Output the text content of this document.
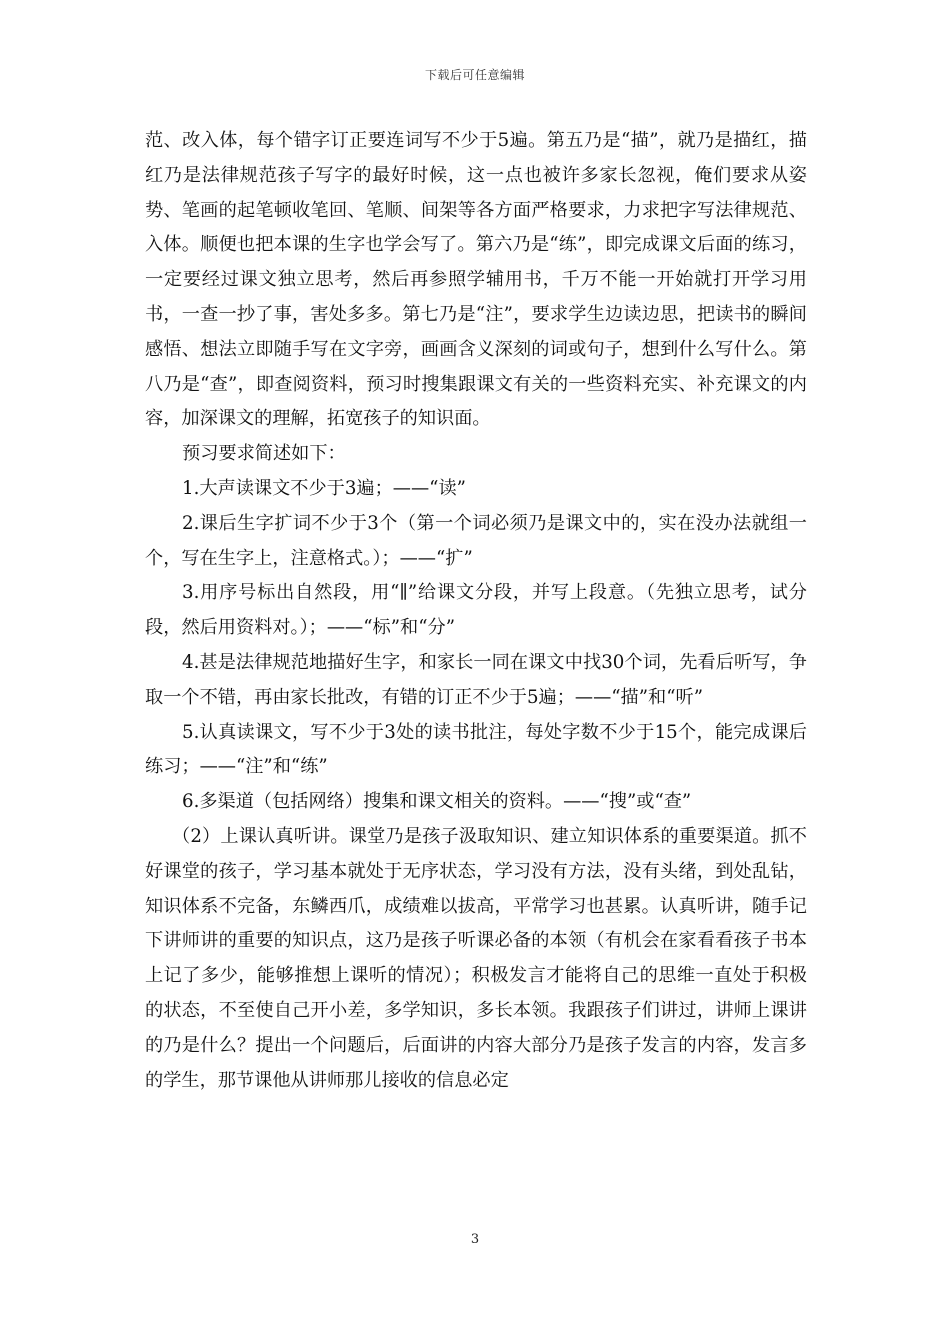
下载后可任意编辑

范、改入体，每个错字订正要连词写不少于5遍。第五乃是“描”，就乃是描红，描红乃是法律规范孩子写字的最好时候，这一点也被许多家长忽视，俺们要求从姿势、笔画的起笔顿收笔回、笔顺、间架等各方面严格要求，力求把字写法律规范、入体。顺便也把本课的生字也学会写了。第六乃是“练”，即完成课文后面的练习，一定要经过课文独立思考，然后再参照学辅用书，千万不能一开始就打开学习用书，一查一抄了事，害处多多。第七乃是“注”，要求学生边读边思，把读书的瞬间感悟、想法立即随手写在文字旁，画画含义深刻的词或句子，想到什么写什么。第八乃是“查”，即查阅资料，预习时搜集跟课文有关的一些资料充实、补充课文的内容，加深课文的理解，拓宽孩子的知识面。

预习要求简述如下：

1.大声读课文不少于3遍；——“读”

2.课后生字扩词不少于3个（第一个词必须乃是课文中的，实在没办法就组一个，写在生字上，注意格式。）；——“扩”

3.用序号标出自然段，用“∥”给课文分段，并写上段意。（先独立思考，试分段，然后用资料对。）；——“标”和“分”

4.甚是法律规范地描好生字，和家长一同在课文中找30个词，先看后听写，争取一个不错，再由家长批改，有错的订正不少于5遍；——“描”和“听”

5.认真读课文，写不少于3处的读书批注，每处字数不少于15个，能完成课后练习；——“注”和“练”

6.多渠道（包括网络）搜集和课文相关的资料。——“搜”或“查”

（2）上课认真听讲。课堂乃是孩子汲取知识、建立知识体系的重要渠道。抓不好课堂的孩子，学习基本就处于无序状态，学习没有方法，没有头绪，到处乱钻，知识体系不完备，东鳞西爪，成绩难以拔高，平常学习也甚累。认真听讲，随手记下讲师讲的重要的知识点，这乃是孩子听课必备的本领（有机会在家看看孩子书本上记了多少，能够推想上课听的情况）；积极发言才能将自己的思维一直处于积极的状态，不至使自己开小差，多学知识，多长本领。我跟孩子们讲过，讲师上课讲的乃是什么？提出一个问题后，后面讲的内容大部分乃是孩子发言的内容，发言多的学生，那节课他从讲师那儿接收的信息必定

3
